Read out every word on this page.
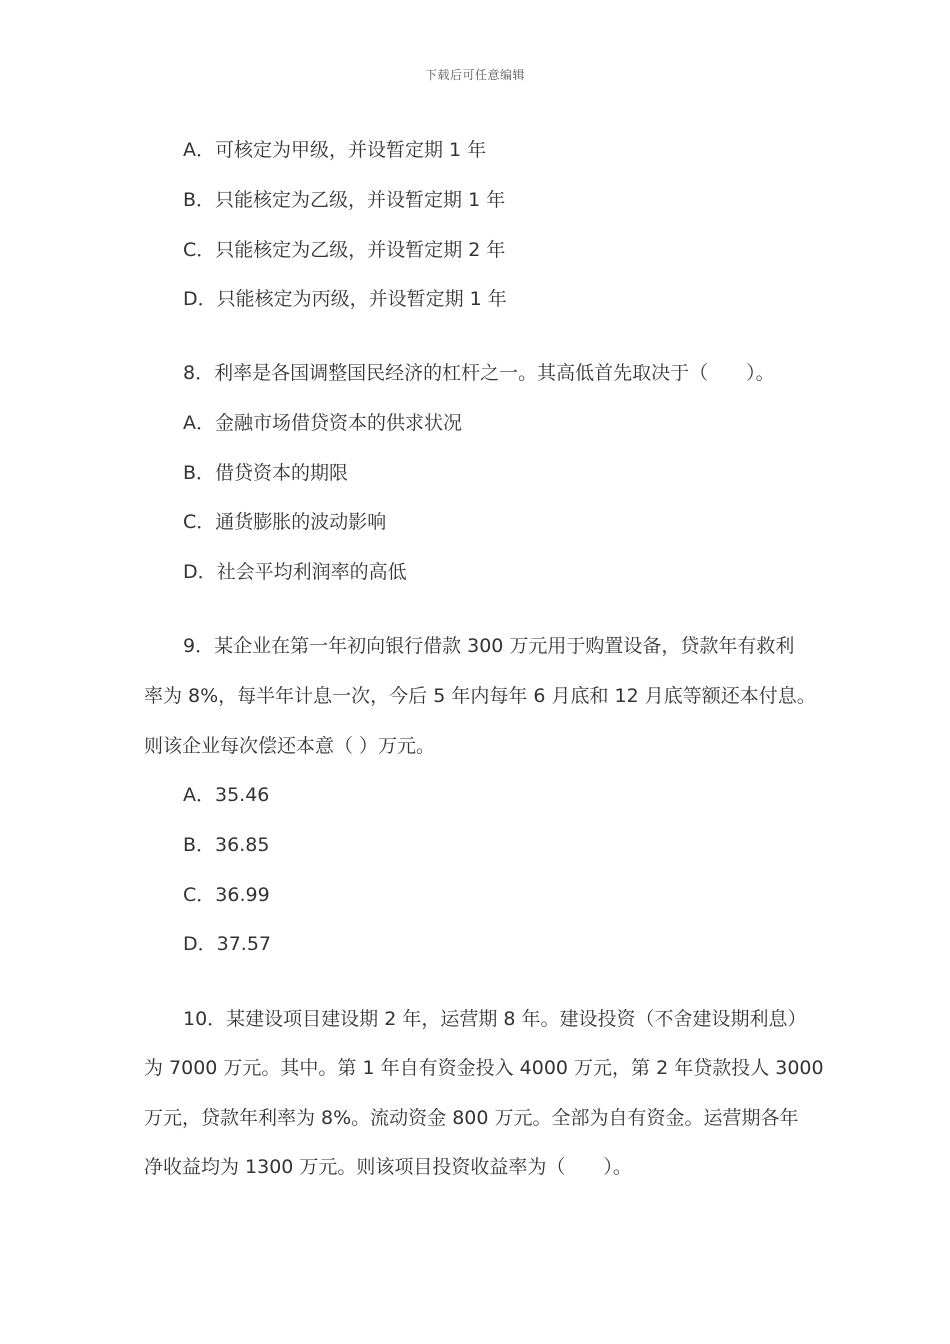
下载后可任意编辑
A．可核定为甲级，并设暂定期 1 年
B．只能核定为乙级，并设暂定期 1 年
C．只能核定为乙级，并设暂定期 2 年
D．只能核定为丙级，并设暂定期 1 年
8．利率是各国调整国民经济的杠杆之一。其高低首先取决于（　　）。
A．金融市场借贷资本的供求状况
B．借贷资本的期限
C．通货膨胀的波动影响
D．社会平均利润率的高低
9．某企业在第一年初向银行借款 300 万元用于购置设备，贷款年有救利
率为 8%，每半年计息一次，今后 5 年内每年 6 月底和 12 月底等额还本付息。
则该企业每次偿还本意（ ）万元。
A．35.46
B．36.85
C．36.99
D．37.57
10．某建设项目建设期 2 年，运营期 8 年。建设投资（不舍建设期利息）
为 7000 万元。其中。第 1 年自有资金投入 4000 万元，第 2 年贷款投人 3000
万元，贷款年利率为 8%。流动资金 800 万元。全部为自有资金。运营期各年
净收益均为 1300 万元。则该项目投资收益率为（　　）。
